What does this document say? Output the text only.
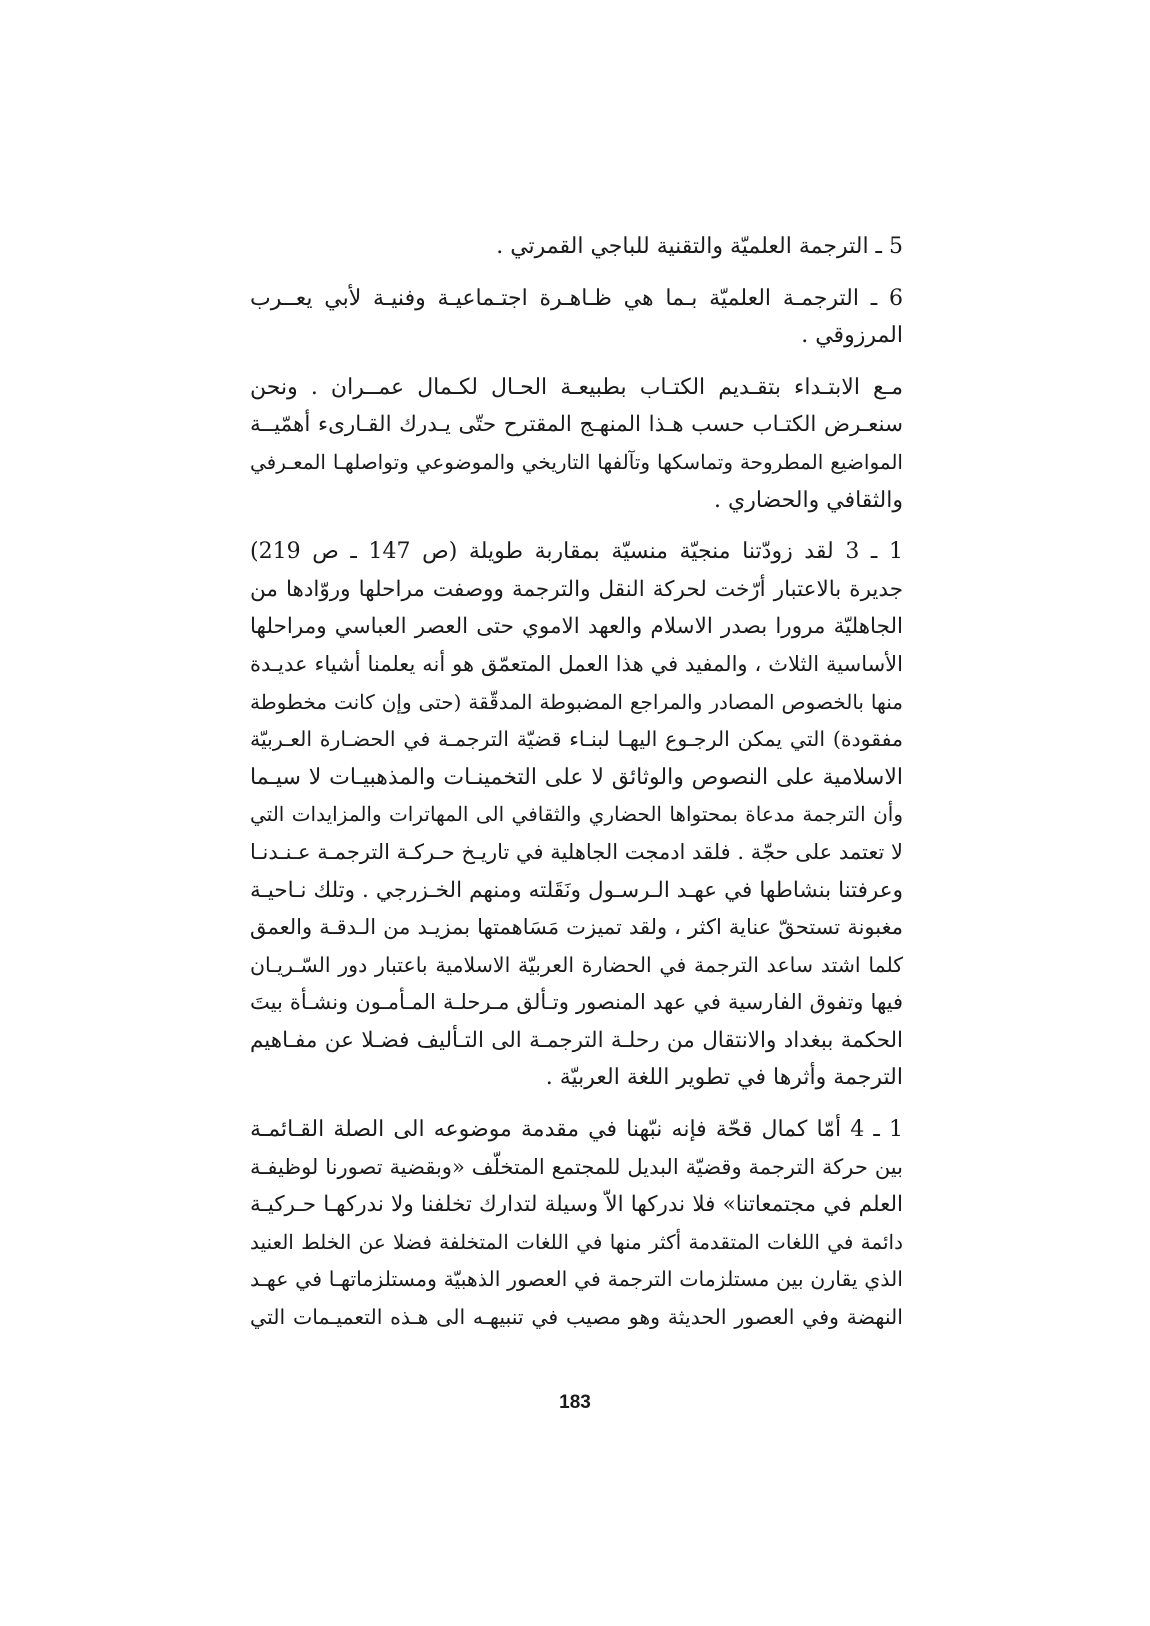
5 ـ الترجمة العلميّة والتقنية للباجي القمرتي .
6 ـ الترجمـة العلميّة بـما هي ظـاهـرة اجتـماعيـة وفنيـة لأبي يعــرب
المرزوقي .
مـع الابتـداء بتقـديم الكتـاب بطبيعـة الحـال لكـمال عمــران . ونحن
سنعـرض الكتـاب حسب هـذا المنهـج المقترح حتّى يـدرك القـارىء أهمّيــة
المواضيع المطروحة وتماسكها وتآلفها التاريخي والموضوعي وتواصلهـا المعـرفي
والثقافي والحضاري .
1 ـ 3 لقد زودّتنا منجيّة منسيّة بمقاربة طويلة (ص 147 ـ ص 219)
جديرة بالاعتبار أرّخت لحركة النقل والترجمة ووصفت مراحلها وروّادها من
الجاهليّة مرورا بصدر الاسلام والعهد الاموي حتى العصر العباسي ومراحلها
الأساسية الثلاث ، والمفيد في هذا العمل المتعمّق هو أنه يعلمنا أشياء عديـدة
منها بالخصوص المصادر والمراجع المضبوطة المدقّقة (حتى وإن كانت مخطوطة
مفقودة) التي يمكن الرجـوع اليهـا لبنـاء قضيّة الترجمـة في الحضـارة العـربيّة
الاسلامية على النصوص والوثائق لا على التخمينـات والمذهبيـات لا سيـما
وأن الترجمة مدعاة بمحتواها الحضاري والثقافي الى المهاترات والمزايدات التي
لا تعتمد على حجّة . فلقد ادمجت الجاهلية في تاريـخ حـركـة الترجمـة عـنـدنـا
وعرفتنا بنشاطها في عهـد الـرسـول ونَقَلته ومنهم الخـزرجي . وتلك نـاحيـة
مغبونة تستحقّ عناية اكثر ، ولقد تميزت مَسَاهمتها بمزيـد من الـدقـة والعمق
كلما اشتد ساعد الترجمة في الحضارة العربيّة الاسلامية باعتبار دور السّـريـان
فيها وتفوق الفارسية في عهد المنصور وتـألق مـرحلـة المـأمـون ونشـأة بيتَ
الحكمة ببغداد والانتقال من رحلـة الترجمـة الى التـأليف فضـلا عن مفـاهيم
الترجمة وأثرها في تطوير اللغة العربيّة .
1 ـ 4 أمّا كمال قحّة فإنه نبّهنا في مقدمة موضوعه الى الصلة القـائمـة
بين حركة الترجمة وقضيّة البديل للمجتمع المتخلّف «وبقضية تصورنا لوظيفـة
العلم في مجتمعاتنا» فلا ندركها الاّ وسيلة لتدارك تخلفنا ولا ندركهـا حـركيـة
دائمة في اللغات المتقدمة أكثر منها في اللغات المتخلفة فضلا عن الخلط العنيد
الذي يقارن بين مستلزمات الترجمة في العصور الذهبيّة ومستلزماتهـا في عهـد
النهضة وفي العصور الحديثة وهو مصيب في تنبيهـه الى هـذه التعميـمات التي
183
